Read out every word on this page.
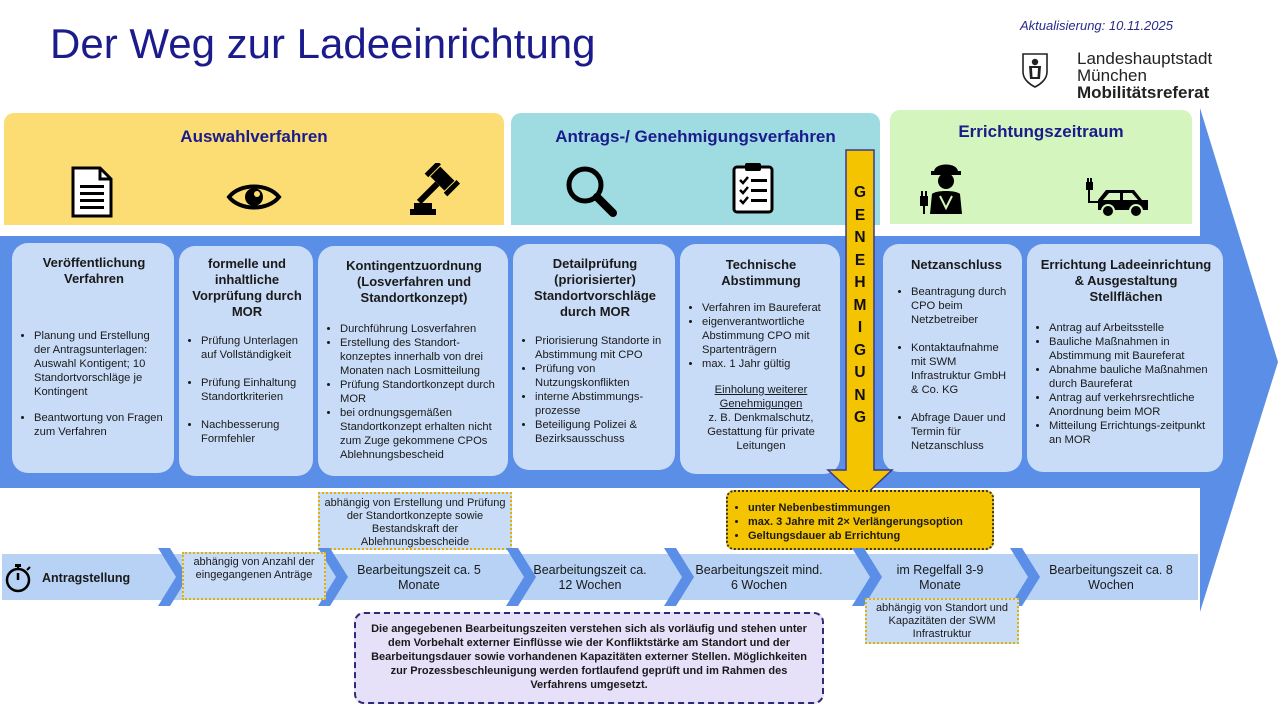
Der Weg zur Ladeeinrichtung	Aktualisierung: 10.11.2025
Landeshauptstadt
München
Mobilitätsreferat
Auswahlverfahren	Antrags-/ Genehmigungsverfahren	Errichtungszeitraum
Veröffentlichung Verfahren
• Planung und Erstellung der Antragsunterlagen: Auswahl Kontigent; 10 Standortvorschläge je Kontingent
• Beantwortung von Fragen zum Verfahren
formelle und inhaltliche Vorprüfung durch MOR
• Prüfung Unterlagen auf Vollständigkeit
• Prüfung Einhaltung Standortkriterien
• Nachbesserung Formfehler
Kontingentzuordnung (Losverfahren und Standortkonzept)
• Durchführung Losverfahren
• Erstellung des Standort-konzeptes innerhalb von drei Monaten nach Losmitteilung
• Prüfung Standortkonzept durch MOR
• bei ordnungsgemäßen Standortkonzept erhalten nicht zum Zuge gekommene CPOs Ablehnungsbescheid
Detailprüfung (priorisierter) Standortvorschläge durch MOR
• Priorisierung Standorte in Abstimmung mit CPO
• Prüfung von Nutzungskonflikten
• interne Abstimmungs-prozesse
• Beteiligung Polizei & Bezirksausschuss
Technische Abstimmung
• Verfahren im Baureferat
• eigenverantwortliche Abstimmung CPO mit Spartenträgern
• max. 1 Jahr gültig
Einholung weiterer Genehmigungen
z. B. Denkmalschutz, Gestattung für private Leitungen
Netzanschluss
• Beantragung durch CPO beim Netzbetreiber
• Kontaktaufnahme mit SWM Infrastruktur GmbH & Co. KG
• Abfrage Dauer und Termin für Netzanschluss
Errichtung Ladeeinrichtung & Ausgestaltung Stellflächen
• Antrag auf Arbeitsstelle
• Bauliche Maßnahmen in Abstimmung mit Baureferat
• Abnahme bauliche Maßnahmen durch Baureferat
• Antrag auf verkehrsrechtliche Anordnung beim MOR
• Mitteilung Errichtungs-zeitpunkt an MOR
G
E
N
E
H
M
I
G
U
N
G
abhängig von Erstellung und Prüfung der Standortkonzepte sowie Bestandskraft der Ablehnungsbescheide
• unter Nebenbestimmungen
• max. 3 Jahre mit 2× Verlängerungsoption
• Geltungsdauer ab Errichtung
Antragstellung
abhängig von Anzahl der eingegangenen Anträge	Bearbeitungszeit ca. 5 Monate
Bearbeitungszeit ca. 12 Wochen
Bearbeitungszeit mind. 6 Wochen
im Regelfall 3-9 Monate
Bearbeitungszeit ca. 8 Wochen
abhängig von Standort und Kapazitäten der SWM Infrastruktur
Die angegebenen Bearbeitungszeiten verstehen sich als vorläufig und stehen unter dem Vorbehalt externer Einflüsse wie der Konfliktstärke am Standort und der Bearbeitungsdauer sowie vorhandenen Kapazitäten externer Stellen. Möglichkeiten zur Prozessbeschleunigung werden fortlaufend geprüft und im Rahmen des Verfahrens umgesetzt.
